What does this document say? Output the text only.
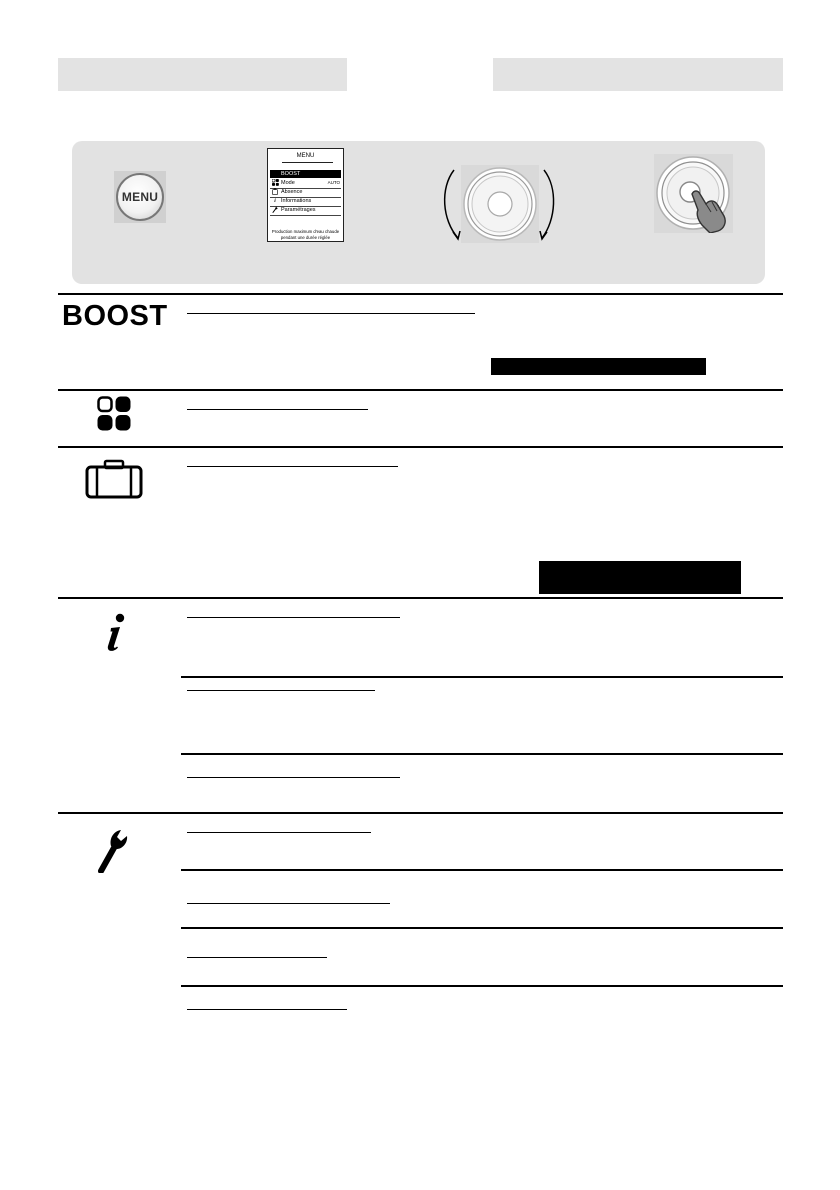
MENU
MENU
BOOST
Mode	AUTO
Absence
i Informations
Paramétrages
Production maximum d'eau chaude
pendant une durée réglée
BOOST
